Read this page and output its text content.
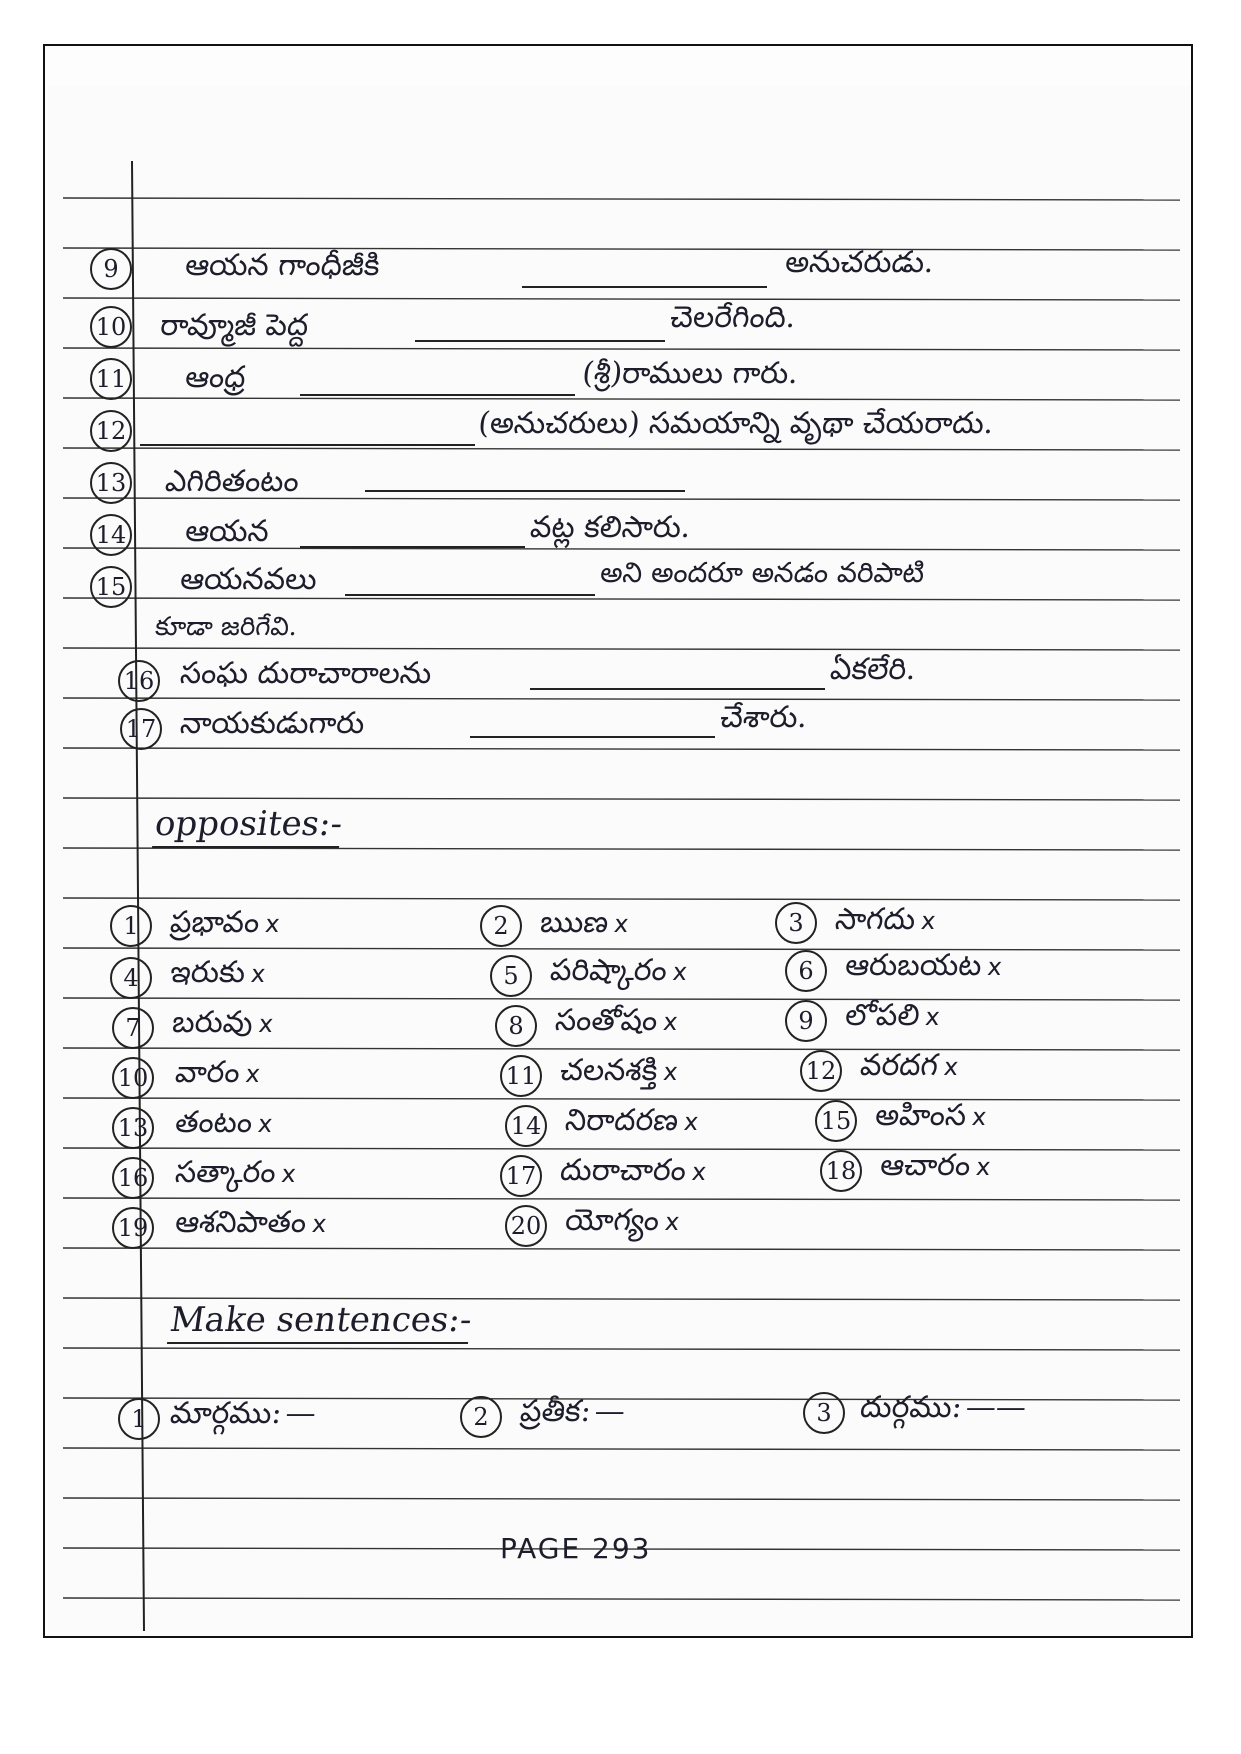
9	ఆయన గాంధీజీకి	అనుచరుడు.
10 రావ్మూజీ పెద్ద	చెలరేగింది.
11 ఆంధ్ర	(శ్రీ)రాములు గారు.
12	(అనుచరులు) సమయాన్ని వృథా చేయరాదు.
13 ఎగిరితంటం
14 ఆయన	వట్ల కలిసారు.
15 ఆయనవలు	అని అందరూ అనడం వరిపాటి
కూడా జరిగేవి.
16 సంఘ దురాచారాలను	ఏకలేరి.
17 నాయకుడుగారు	చేశారు.
opposites:-
1 ప్రభావం x	2 ఋణ x	3 సాగదు x
4 ఇరుకు x	5 పరిష్కారం x	6 ఆరుబయట x
7 బరువు x	8 సంతోషం x	9 లోపలి x
10 వారం x	11 చలనశక్తి x	12 వరదగ x
13 తంటం x	14 నిరాదరణ x	15 అహింస x
16 సత్కారం x	17 దురాచారం x	18 ఆచారం x
19 ఆశనిపాతం x	20 యోగ్యం x
Make sentences:-
1 మార్గము:—	2 ప్రతీక:—	3 దుర్గము:——
PAGE 293
